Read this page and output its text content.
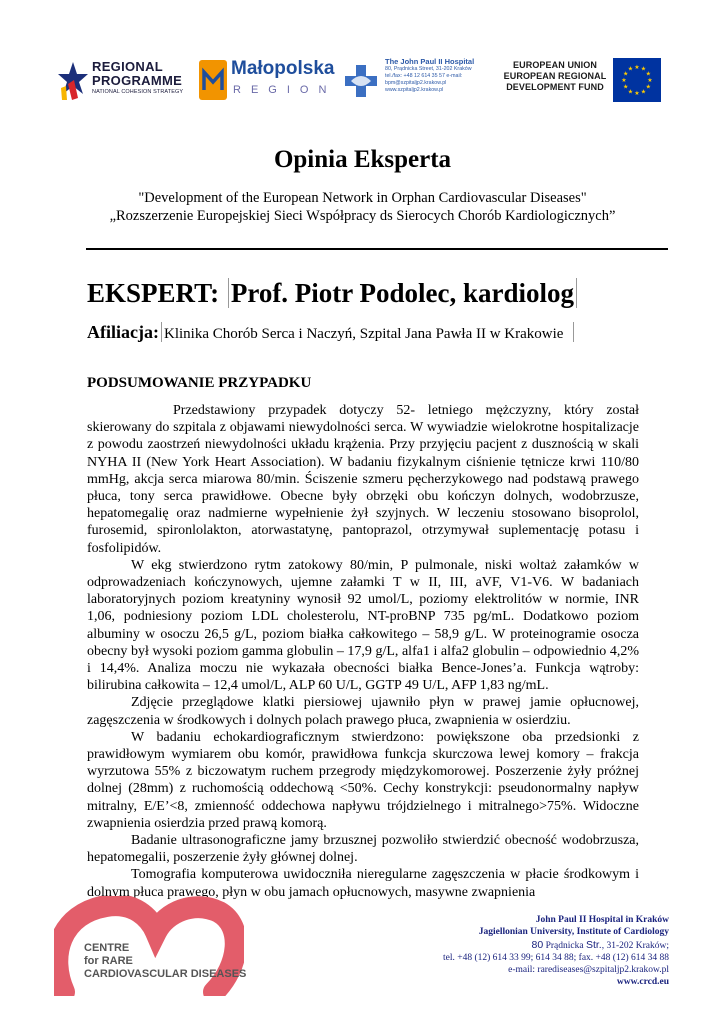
REGIONAL
PROGRAMME
NATIONAL COHESION STRATEGY
Małopolska
REGION
The John Paul II Hospital
80, Prądnicka Street, 31-202 Kraków
tel./fax: +48 12 614 35 57 e-mail:
bpm@szpitaljp2.krakow.pl
www.szpitaljp2.krakow.pl
EUROPEAN UNION
EUROPEAN REGIONAL
DEVELOPMENT FUND
★ ★
★
★
★
★
★
★
★
★
★
★
Opinia Eksperta
"Development of the European Network in Orphan Cardiovascular Diseases"
„Rozszerzenie Europejskiej Sieci Współpracy ds Sierocych Chorób Kardiologicznych”
EKSPERT: Prof. Piotr Podolec, kardiolog
Afiliacja: Klinika Chorób Serca i Naczyń, Szpital Jana Pawła II w Krakowie
PODSUMOWANIE PRZYPADKU

Przedstawiony przypadek dotyczy 52- letniego mężczyzny, który został skierowany do szpitala z objawami niewydolności serca. W wywiadzie wielokrotne hospitalizacje z powodu zaostrzeń niewydolności układu krążenia. Przy przyjęciu pacjent z dusznością w skali NYHA II (New York Heart Association). W badaniu fizykalnym ciśnienie tętnicze krwi 110/80 mmHg, akcja serca miarowa 80/min. Ściszenie szmeru pęcherzykowego nad podstawą prawego płuca, tony serca prawidłowe. Obecne były obrzęki obu kończyn dolnych, wodobrzusze, hepatomegalię oraz nadmierne wypełnienie żył szyjnych. W leczeniu stosowano bisoprolol, furosemid, spironlolakton, atorwastatynę, pantoprazol, otrzymywał suplementację potasu i fosfolipidów.

W ekg stwierdzono rytm zatokowy 80/min, P pulmonale, niski woltaż załamków w odprowadzeniach kończynowych, ujemne załamki T w II, III, aVF, V1-V6. W badaniach laboratoryjnych poziom kreatyniny wynosił 92 umol/L, poziomy elektrolitów w normie, INR 1,06, podniesiony poziom LDL cholesterolu, NT-proBNP 735 pg/mL. Dodatkowo poziom albuminy w osoczu 26,5 g/L, poziom białka całkowitego – 58,9 g/L. W proteinogramie osocza obecny był wysoki poziom gamma globulin – 17,9 g/L, alfa1 i alfa2 globulin – odpowiednio 4,2% i 14,4%. Analiza moczu nie wykazała obecności białka Bence-Jones’a. Funkcja wątroby: bilirubina całkowita – 12,4 umol/L, ALP 60 U/L, GGTP 49 U/L, AFP 1,83 ng/mL.

Zdjęcie przeglądowe klatki piersiowej ujawniło płyn w prawej jamie opłucnowej, zagęszczenia w środkowych i dolnych polach prawego płuca, zwapnienia w osierdziu.

W badaniu echokardiograficznym stwierdzono: powiększone oba przedsionki z prawidłowym wymiarem obu komór, prawidłowa funkcja skurczowa lewej komory – frakcja wyrzutowa 55% z biczowatym ruchem przegrody międzykomorowej. Poszerzenie żyły próżnej dolnej (28mm) z ruchomością oddechową <50%. Cechy konstrykcji: pseudonormalny napływ mitralny, E/E’<8, zmienność oddechowa napływu trójdzielnego i mitralnego>75%. Widoczne zwapnienia osierdzia przed prawą komorą.

Badanie ultrasonograficzne jamy brzusznej pozwoliło stwierdzić obecność wodobrzusza, hepatomegalii, poszerzenie żyły głównej dolnej.

Tomografia komputerowa uwidoczniła nieregularne zagęszczenia w płacie środkowym i dolnym płuca prawego, płyn w obu jamach opłucnowych, masywne zwapnienia

CENTRE
for RARE
CARDIOVASCULAR DISEASES
John Paul II Hospital in Kraków
Jagiellonian University, Institute of Cardiology
80 Prądnicka Str., 31-202 Kraków;
tel. +48 (12) 614 33 99; 614 34 88; fax. +48 (12) 614 34 88
e-mail: rarediseases@szpitaljp2.krakow.pl
www.crcd.eu
